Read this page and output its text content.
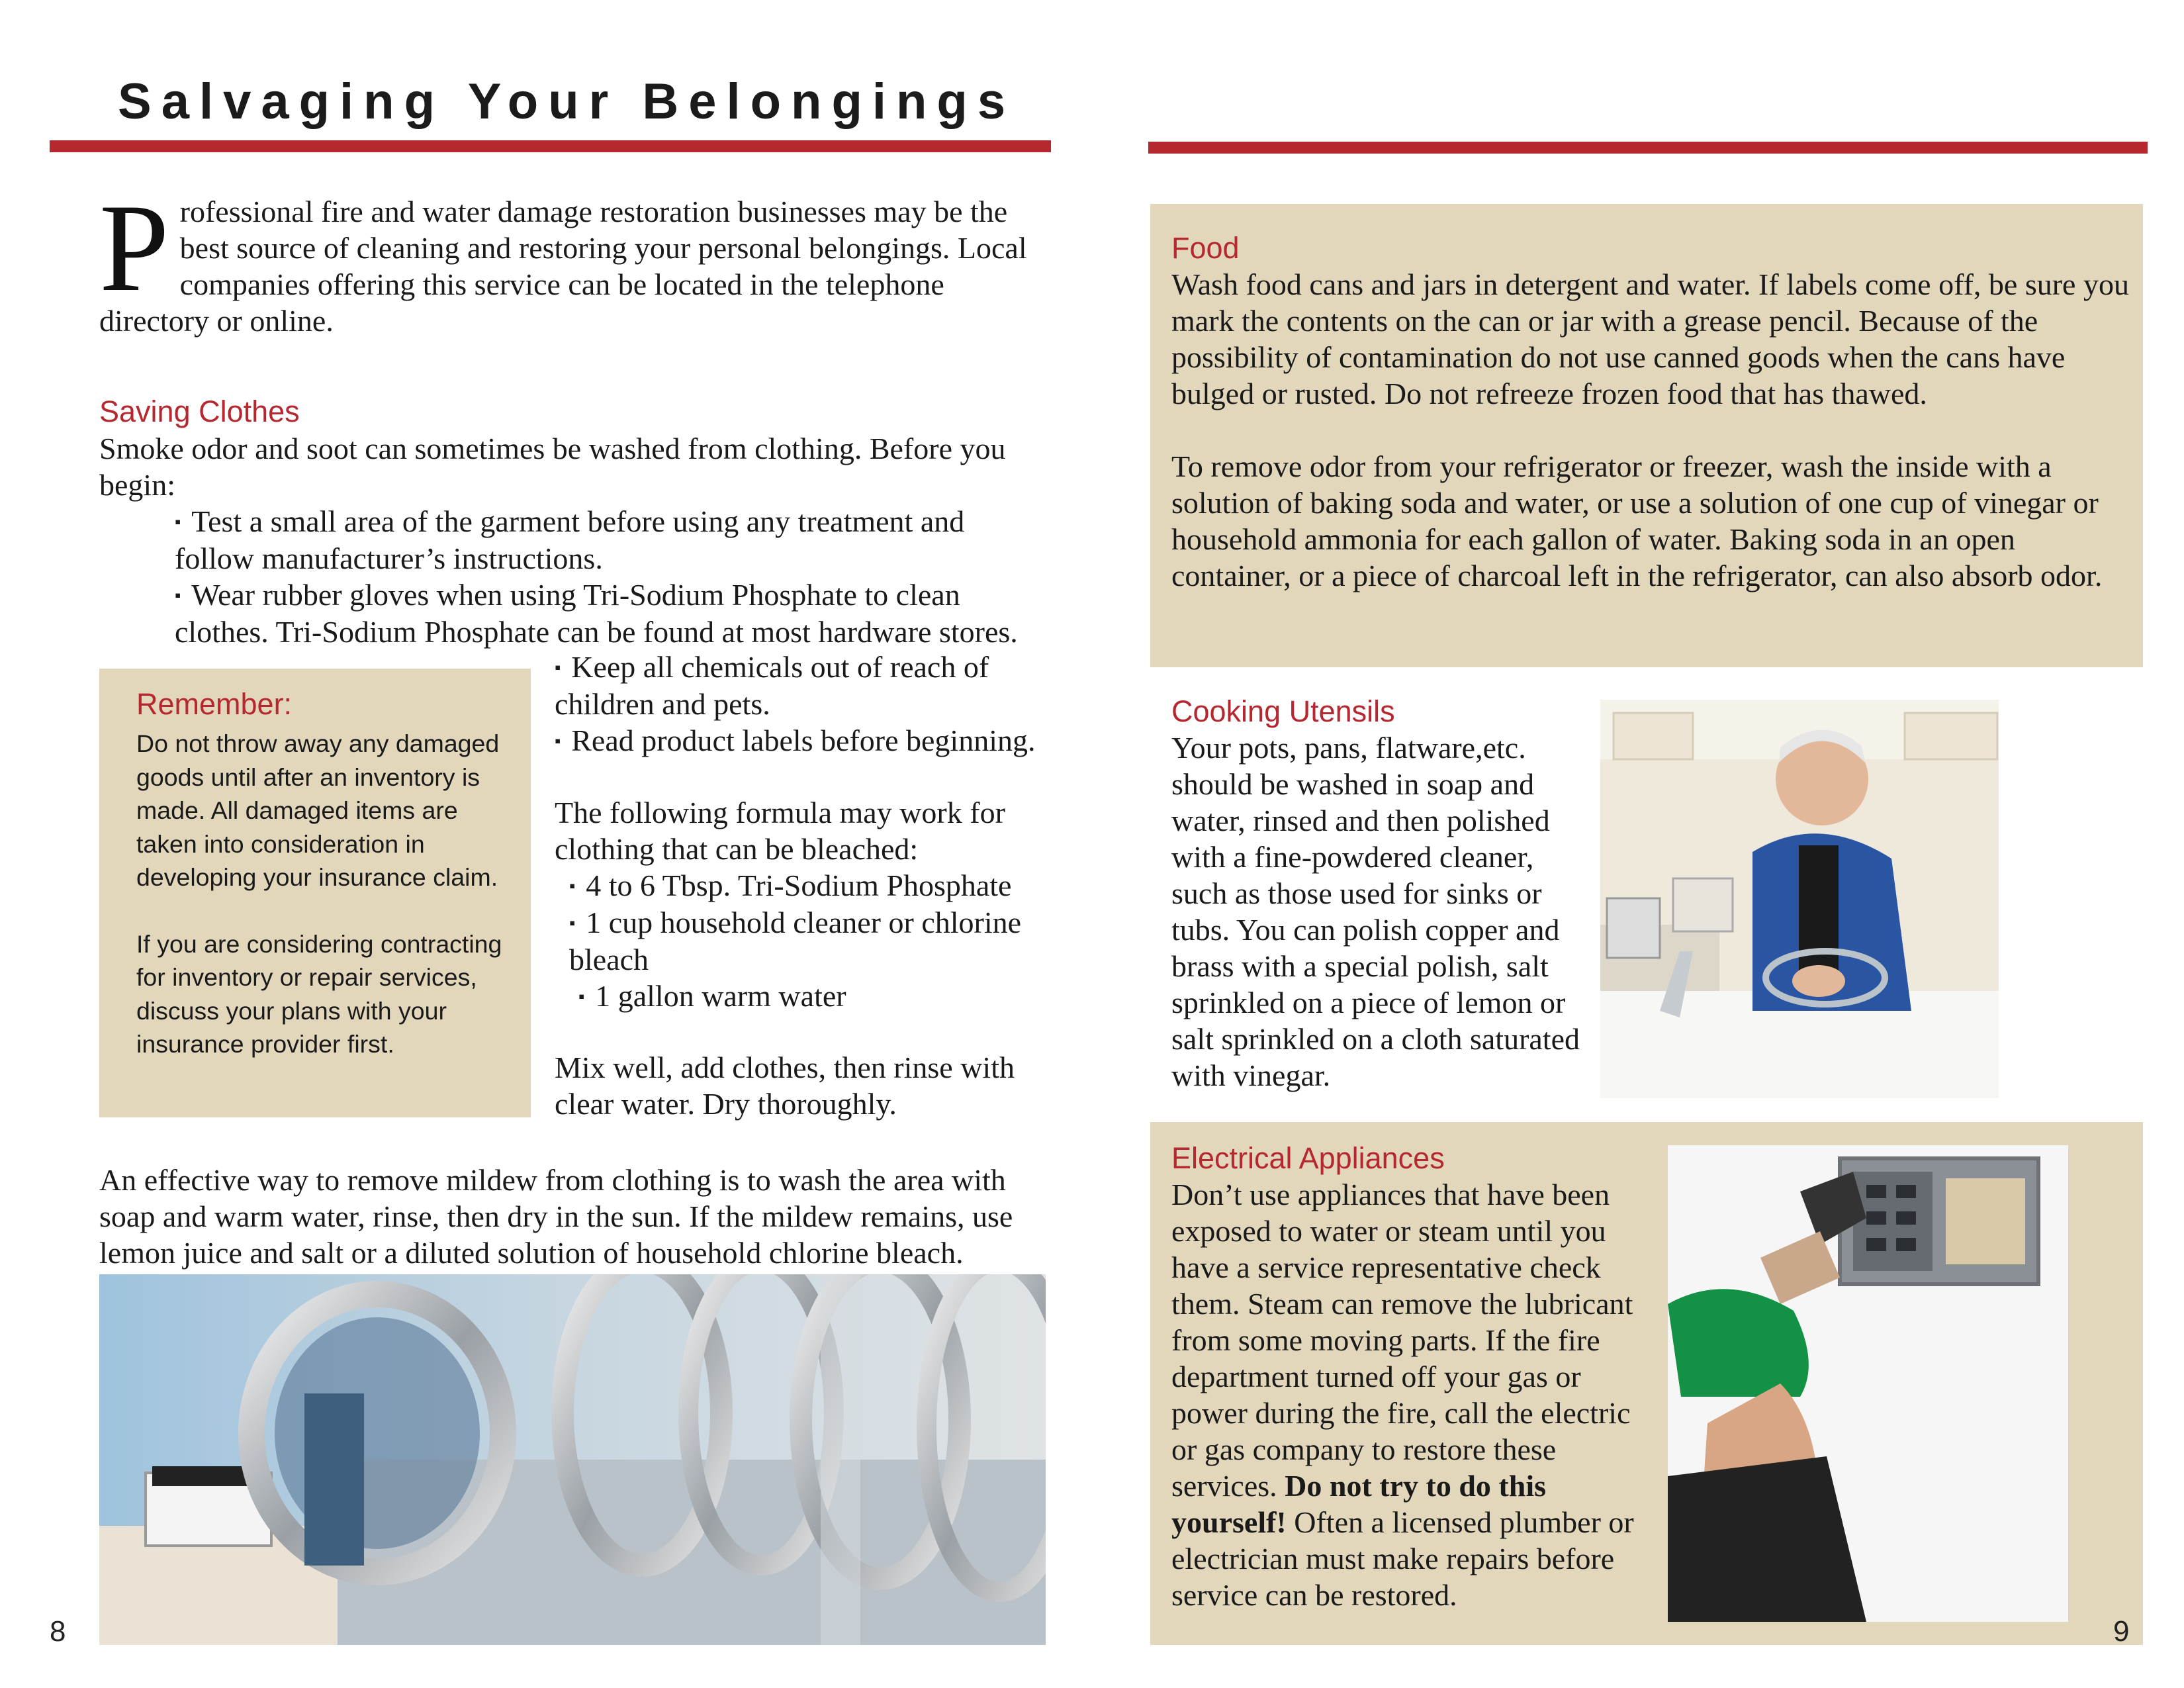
Salvaging Your Belongings

Professional fire and water damage restoration businesses may be the best source of cleaning and restoring your personal belongings. Local companies offering this service can be located in the telephone directory or online.

Saving Clothes

Smoke odor and soot can sometimes be washed from clothing. Before you begin:

▪ Test a small area of the garment before using any treatment and follow manufacturer’s instructions.
▪ Wear rubber gloves when using Tri-Sodium Phosphate to clean clothes. Tri-Sodium Phosphate can be found at most hardware stores.
Remember:

Do not throw away any damaged goods until after an inventory is made. All damaged items are taken into consideration in developing your insurance claim.

If you are considering contracting for inventory or repair services, discuss your plans with your insurance provider first.

▪ Keep all chemicals out of reach of children and pets.
▪ Read product labels before beginning.

The following formula may work for clothing that can be bleached:

▪ 4 to 6 Tbsp. Tri-Sodium Phosphate
▪ 1 cup household cleaner or chlorine bleach
▪ 1 gallon warm water

Mix well, add clothes, then rinse with clear water. Dry thoroughly.

An effective way to remove mildew from clothing is to wash the area with soap and warm water, rinse, then dry in the sun. If the mildew remains, use lemon juice and salt or a diluted solution of household chlorine bleach.

8
Food

Wash food cans and jars in detergent and water. If labels come off, be sure you mark the contents on the can or jar with a grease pencil. Because of the possibility of contamination do not use canned goods when the cans have bulged or rusted. Do not refreeze frozen food that has thawed.

To remove odor from your refrigerator or freezer, wash the inside with a solution of baking soda and water, or use a solution of one cup of vinegar or household ammonia for each gallon of water. Baking soda in an open container, or a piece of charcoal left in the refrigerator, can also absorb odor.

Cooking Utensils

Your pots, pans, flatware,etc. should be washed in soap and water, rinsed and then polished with a fine-powdered cleaner, such as those used for sinks or tubs. You can polish copper and brass with a special polish, salt sprinkled on a piece of lemon or salt sprinkled on a cloth saturated with vinegar.

Electrical Appliances

Don’t use appliances that have been exposed to water or steam until you have a service representative check them. Steam can remove the lubricant from some moving parts. If the fire department turned off your gas or power during the fire, call the electric or gas company to restore these services. Do not try to do this yourself! Often a licensed plumber or electrician must make repairs before service can be restored.

9
